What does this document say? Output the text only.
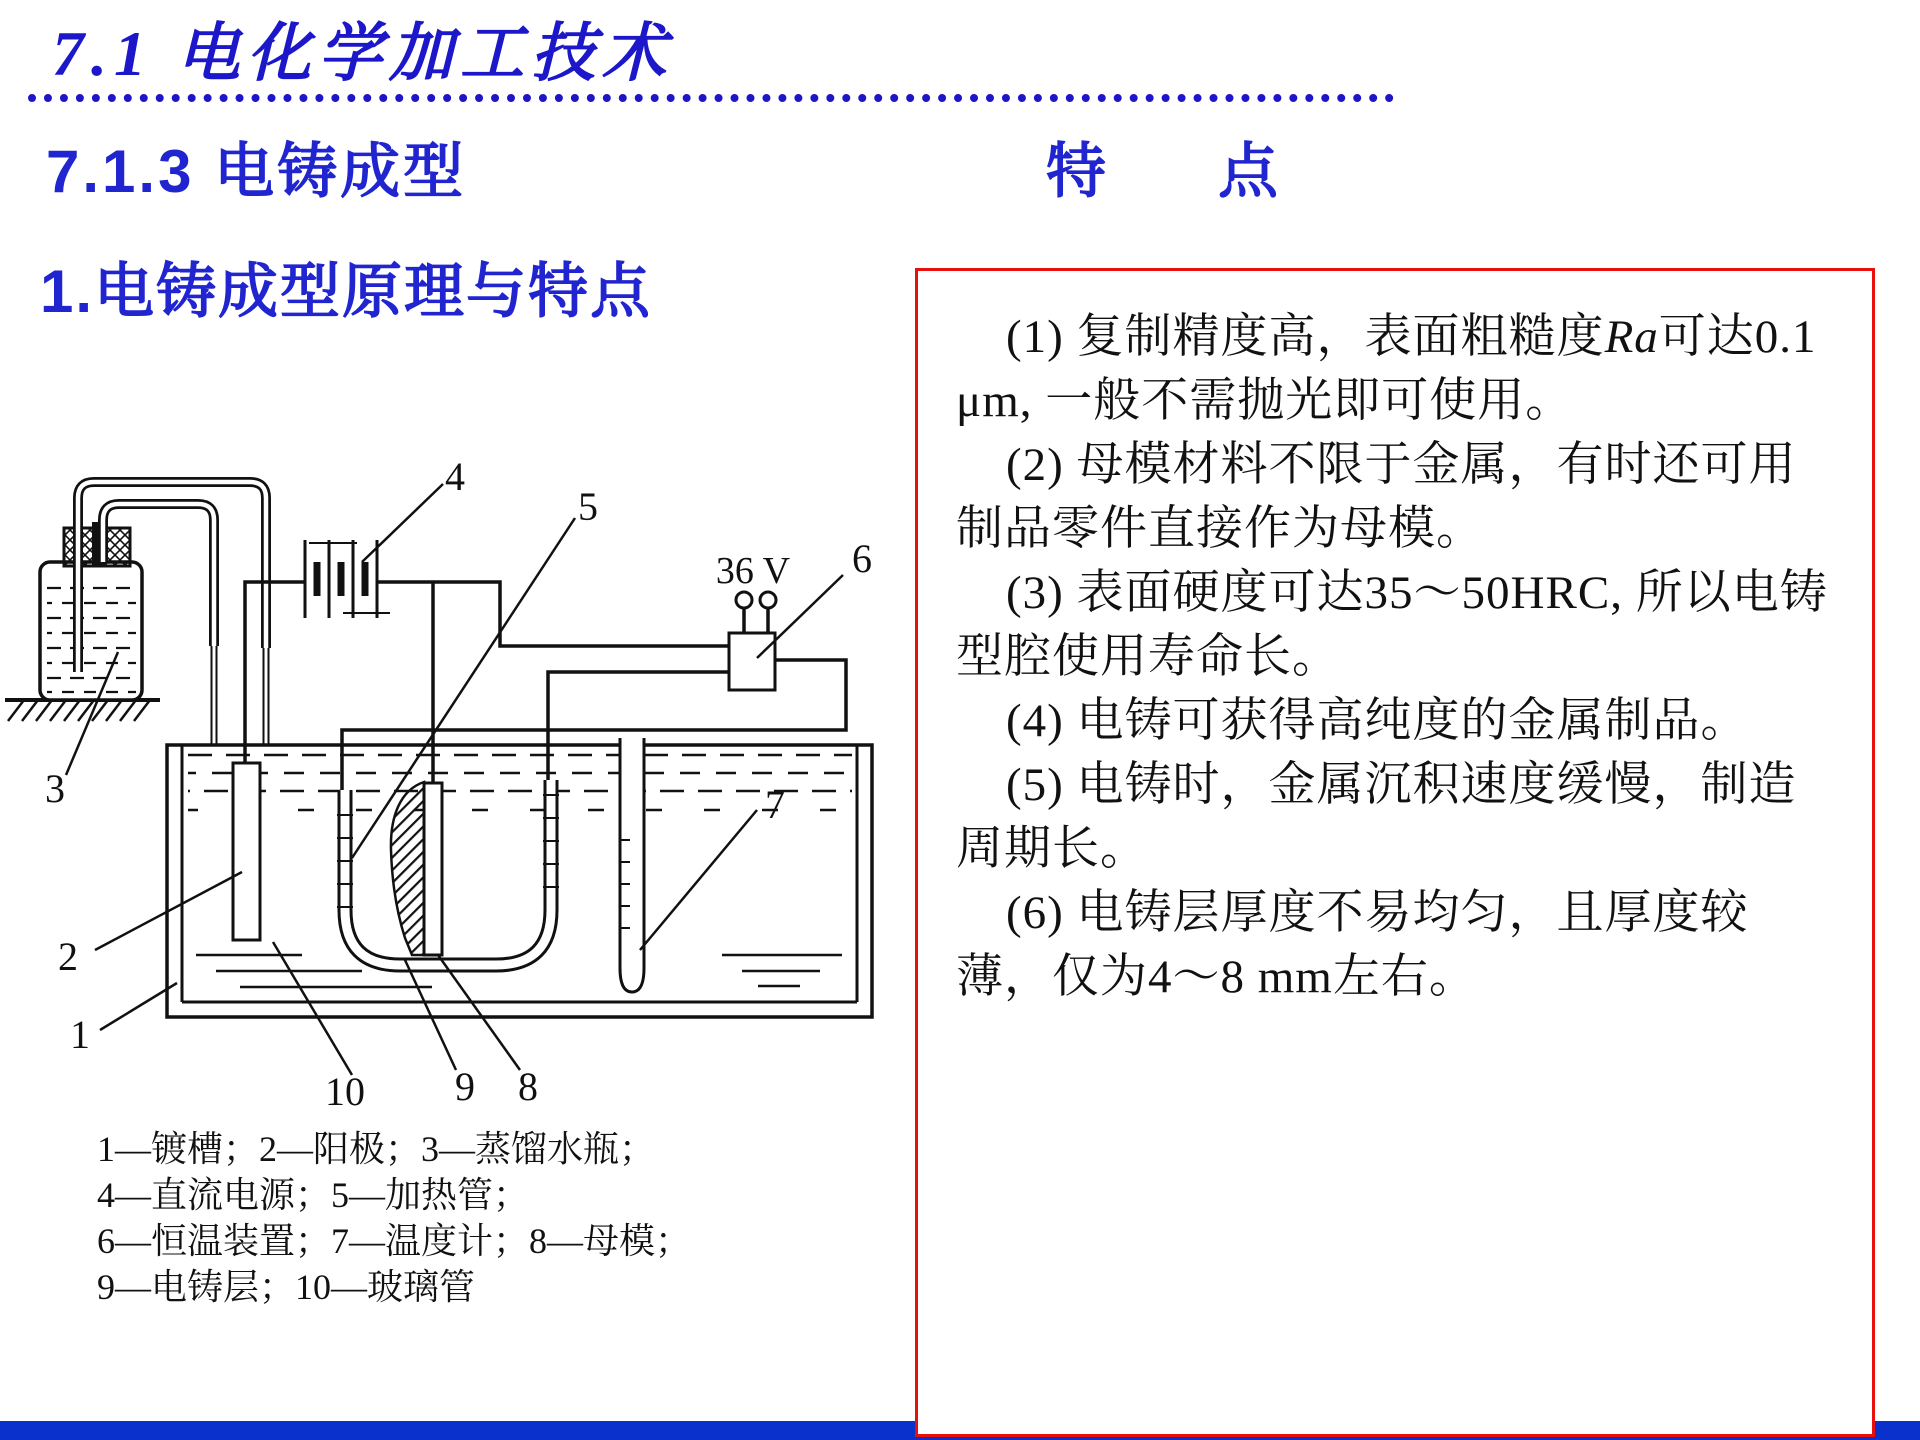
7.1 电化学加工技术
7.1.3 电铸成型	特　点
1.电铸成型原理与特点
3
2
1
4
5
6
7
10 9 8
36 V
1—镀槽；2—阳极；3—蒸馏水瓶；
4—直流电源；5—加热管；
6—恒温装置；7—温度计；8—母模；
9—电铸层；10—玻璃管

(1) 复制精度高，表面粗糙度Ra可达0.1 μm, 一般不需抛光即可使用。

(2) 母模材料不限于金属，有时还可用制品零件直接作为母模。

(3) 表面硬度可达35～50HRC, 所以电铸型腔使用寿命长。

(4) 电铸可获得高纯度的金属制品。

(5) 电铸时，金属沉积速度缓慢，制造周期长。

(6) 电铸层厚度不易均匀，且厚度较薄，仅为4～8 mm左右。
